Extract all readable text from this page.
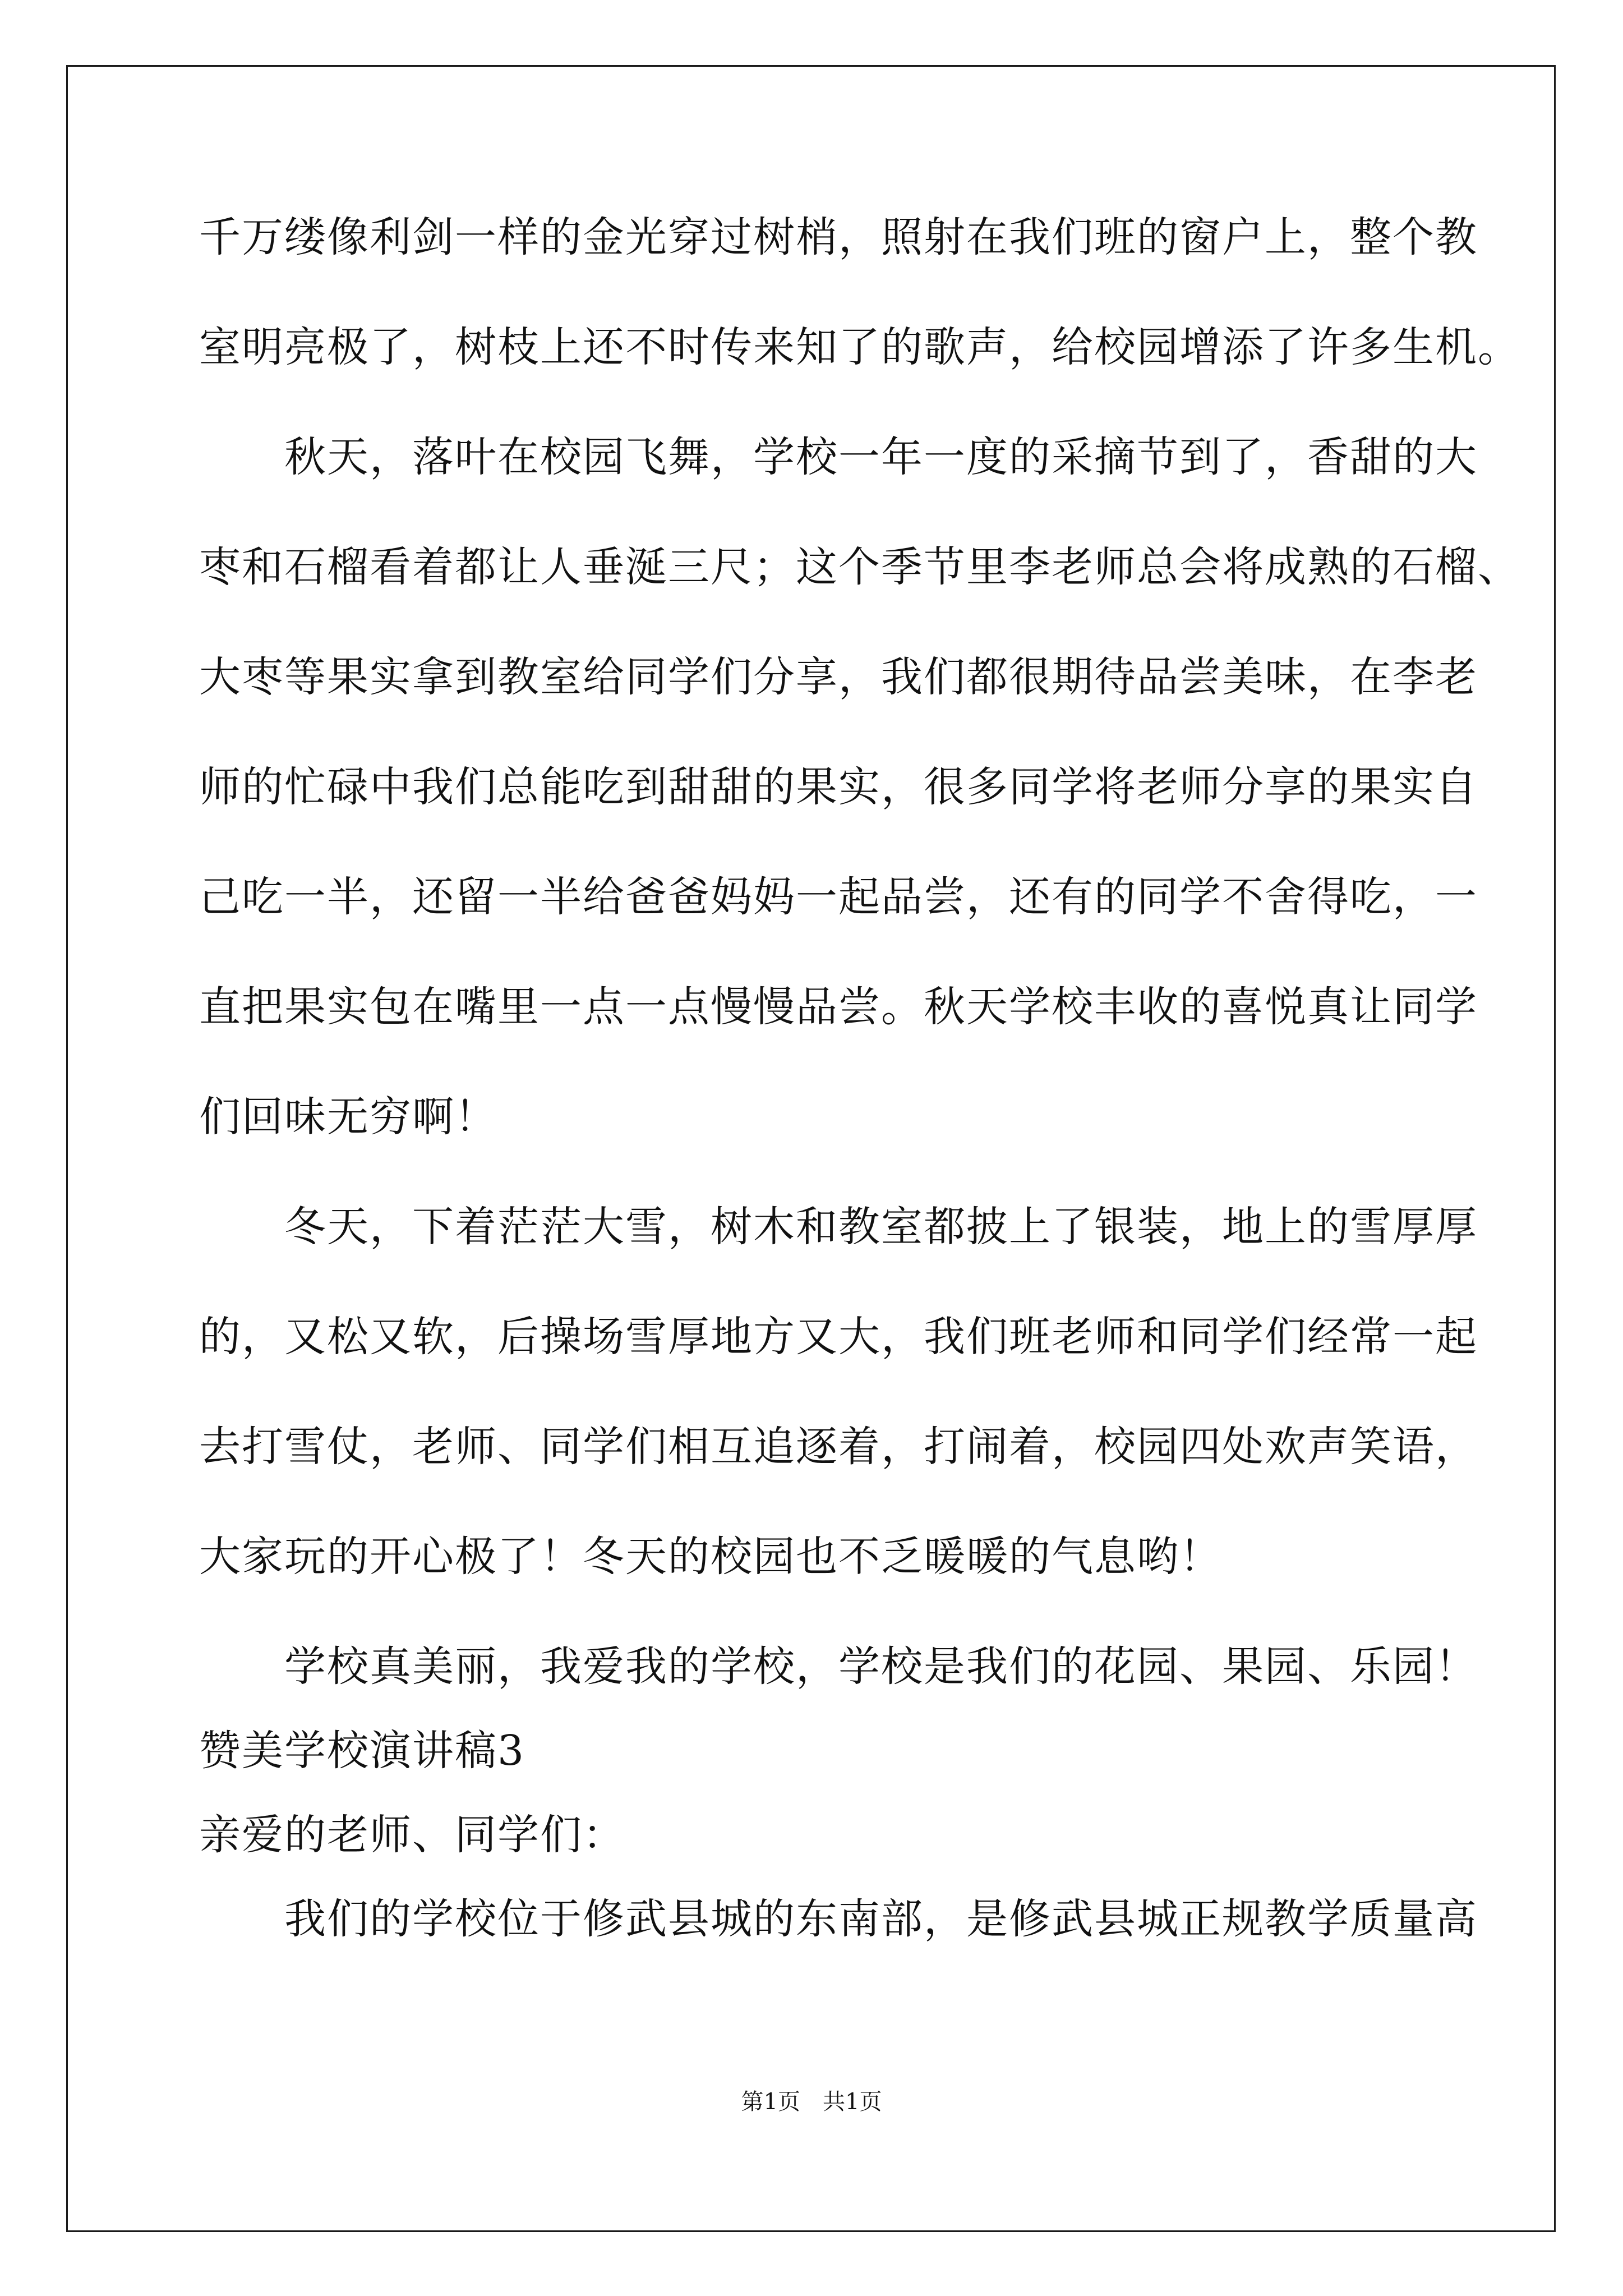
千万缕像利剑一样的金光穿过树梢，照射在我们班的窗户上，整个教

室明亮极了，树枝上还不时传来知了的歌声，给校园增添了许多生机。

　　秋天，落叶在校园飞舞，学校一年一度的采摘节到了，香甜的大

枣和石榴看着都让人垂涎三尺；这个季节里李老师总会将成熟的石榴、

大枣等果实拿到教室给同学们分享，我们都很期待品尝美味，在李老

师的忙碌中我们总能吃到甜甜的果实，很多同学将老师分享的果实自

己吃一半，还留一半给爸爸妈妈一起品尝，还有的同学不舍得吃，一

直把果实包在嘴里一点一点慢慢品尝。秋天学校丰收的喜悦真让同学

们回味无穷啊！

　　冬天，下着茫茫大雪，树木和教室都披上了银装，地上的雪厚厚

的，又松又软，后操场雪厚地方又大，我们班老师和同学们经常一起

去打雪仗，老师、同学们相互追逐着，打闹着，校园四处欢声笑语，

大家玩的开心极了！冬天的校园也不乏暖暖的气息哟！

　　学校真美丽，我爱我的学校，学校是我们的花园、果园、乐园！

赞美学校演讲稿3

亲爱的老师、同学们：

　　我们的学校位于修武县城的东南部，是修武县城正规教学质量高

第1页　共1页
